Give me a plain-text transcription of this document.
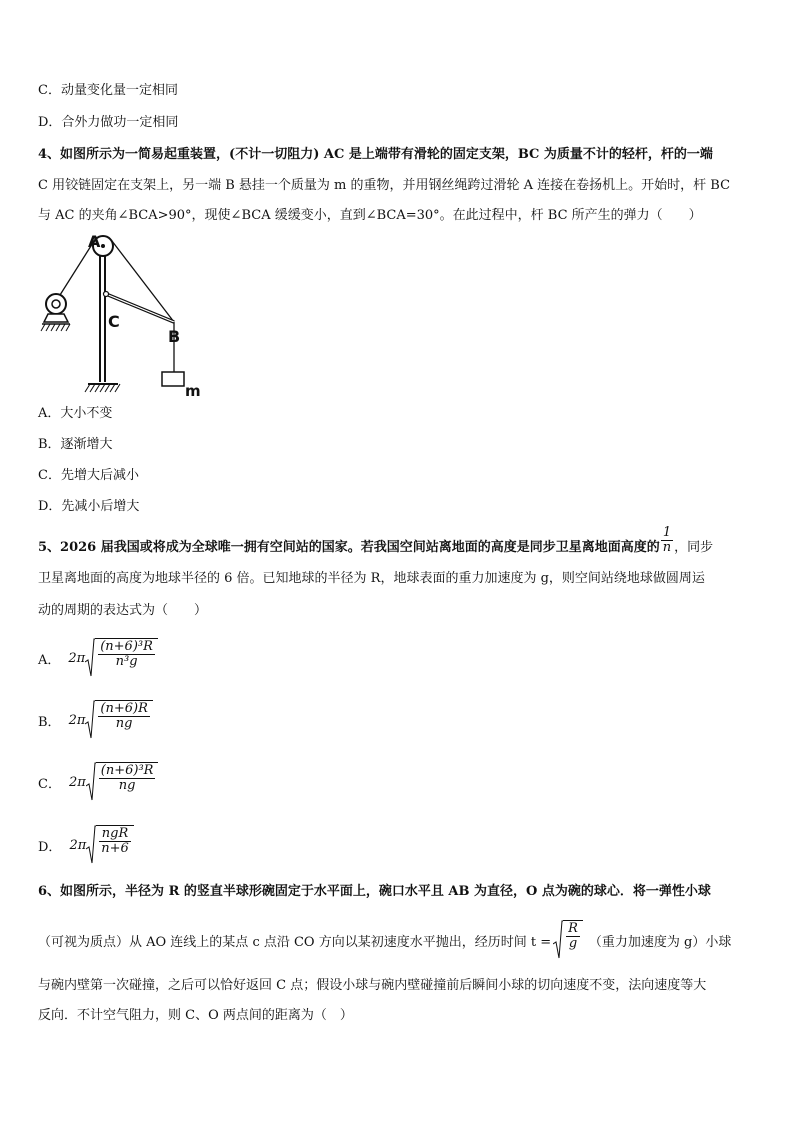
C．动量变化量一定相同
D．合外力做功一定相同
4、如图所示为一简易起重装置，(不计一切阻力) AC 是上端带有滑轮的固定支架，BC 为质量不计的轻杆，杆的一端
C 用铰链固定在支架上，另一端 B 悬挂一个质量为 m 的重物，并用钢丝绳跨过滑轮 A 连接在卷扬机上。开始时，杆 BC
与 AC 的夹角∠BCA>90°，现使∠BCA 缓缓变小，直到∠BCA=30°。在此过程中，杆 BC 所产生的弹力（　　）
A
C
B
m
A．大小不变
B．逐渐增大
C．先增大后减小
D．先减小后增大
5、2026 届我国或将成为全球唯一拥有空间站的国家。若我国空间站离地面的高度是同步卫星离地面高度的 $\frac{1}{n}$ ，同步
卫星离地面的高度为地球半径的 6 倍。已知地球的半径为 R，地球表面的重力加速度为 g，则空间站绕地球做圆周运
动的周期的表达式为（　　）
A． $2\pi \frac{\text{(n+6)³R}}{\text{n³g}}$
B． $2\pi \frac{(n+6)R}{ng}$
C． $2\pi \frac{\text{(n+6)³R}}{ng}$
D． $2\pi \frac{\text{ngR}}{n+6}$
6、如图所示，半径为 R 的竖直半球形碗固定于水平面上，碗口水平且 AB 为直径，O 点为碗的球心．将一弹性小球
（可视为质点）从 AO 连线上的某点 c 点沿 CO 方向以某初速度水平抛出，经历时间 $t = \frac{R}{g}$ （重力加速度为 g）小球
与碗内壁第一次碰撞，之后可以恰好返回 C 点；假设小球与碗内壁碰撞前后瞬间小球的切向速度不变，法向速度等大
反向．不计空气阻力，则 C、O 两点间的距离为（　）
